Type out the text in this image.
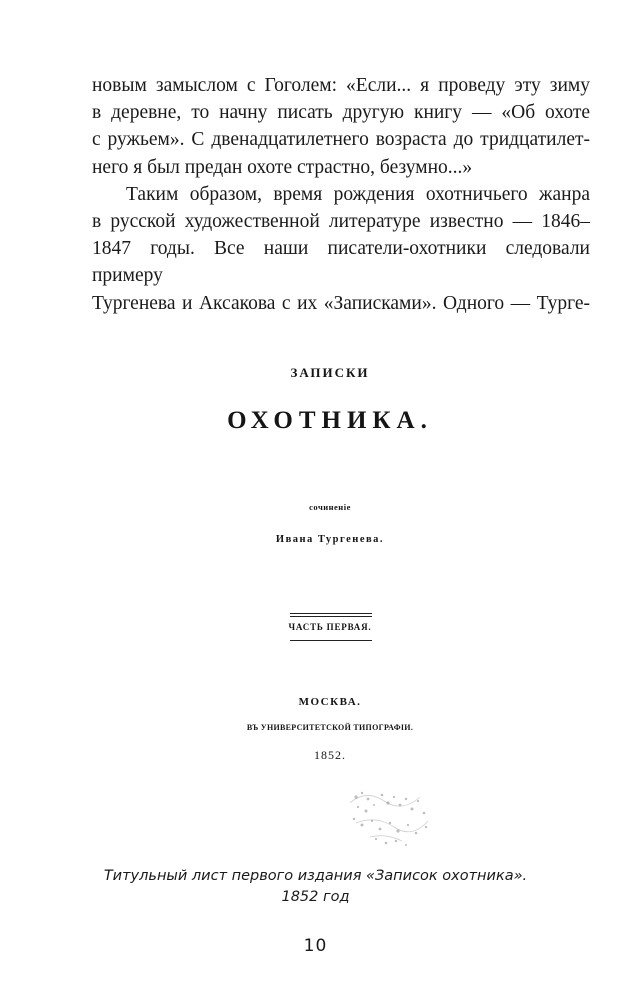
новым замыслом с Гоголем: «Если... я проведу эту зиму

в деревне, то начну писать другую книгу — «Об охоте

с ружьем». С двенадцатилетнего возраста до тридцатилет-

него я был предан охоте страстно, безумно...»

Таким образом, время рождения охотничьего жанра

в русской художественной литературе известно — 1846–

1847 годы. Все наши писатели-охотники следовали примеру

Тургенева и Аксакова с их «Записками». Одного — Турге-

ЗАПИСКИ
ОХОТНИКА.
сочиненiе
Ивана Тургенева.
ЧАСТЬ ПЕРВАЯ.
МОСКВА.
ВЪ УНИВЕРСИТЕТСКОЙ ТИПОГРАФIИ.
1852.
Титульный лист первого издания «Записок охотника».
1852 год
10
